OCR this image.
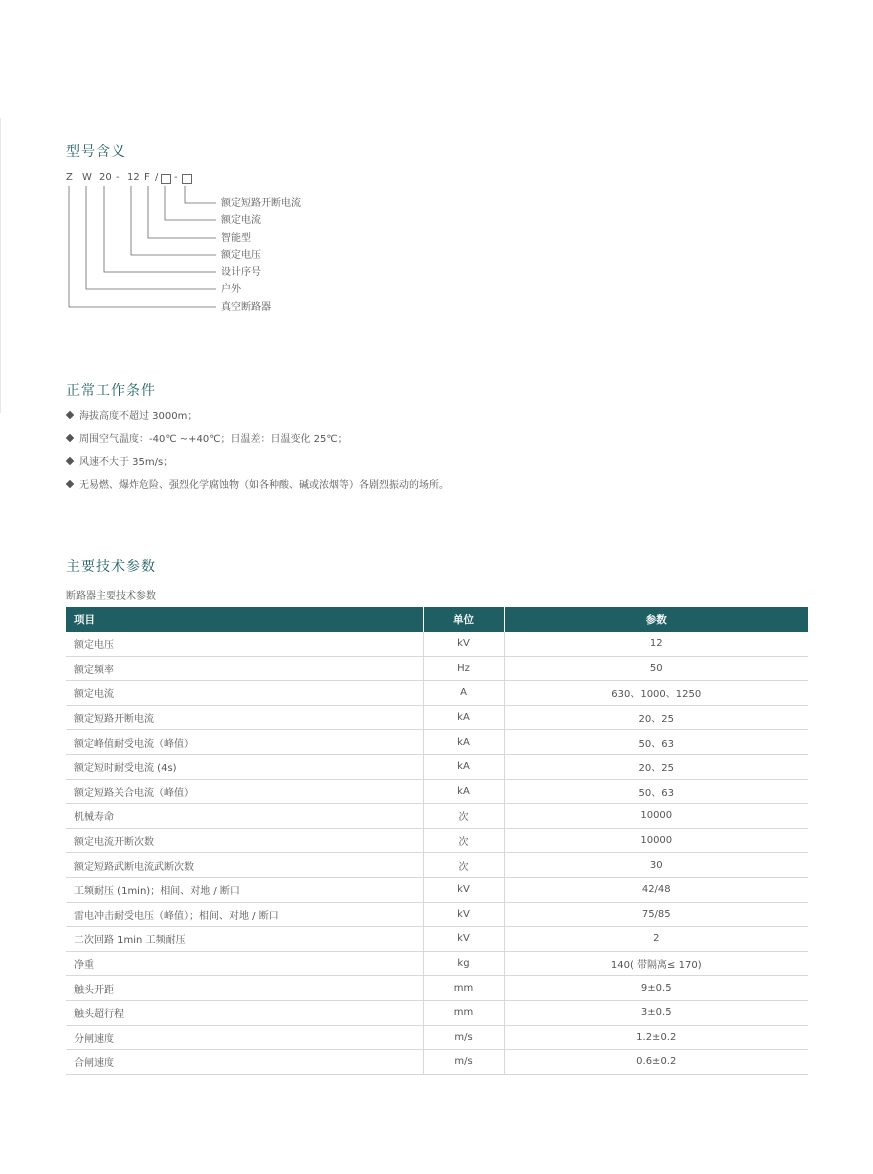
型号含义
Z W 20 - 12 F / -
额定短路开断电流
额定电流
智能型
额定电压
设计序号
户外
真空断路器
正常工作条件
海拔高度不超过 3000m；
周围空气温度：-40℃ ~+40℃；日温差：日温变化 25℃；
风速不大于 35m/s；
无易燃、爆炸危险、强烈化学腐蚀物（如各种酸、碱或浓烟等）各剧烈振动的场所。
主要技术参数
断路器主要技术参数
项目	单位	参数
额定电压	kV	12
额定频率	Hz	50
额定电流	A	630、1000、1250
额定短路开断电流	kA	20、25
额定峰值耐受电流（峰值）	kA	50、63
额定短时耐受电流 (4s)	kA	20、25
额定短路关合电流（峰值）	kA	50、63
机械寿命	次	10000
额定电流开断次数	次	10000
额定短路武断电流武断次数	次	30
工频耐压 (1min)；相间、对地 / 断口	kV	42/48
雷电冲击耐受电压（峰值）；相间、对地 / 断口	kV	75/85
二次回路 1min 工频耐压	kV	2
净重	kg	140( 带隔离≤ 170)
触头开距	mm	9±0.5
触头超行程	mm	3±0.5
分闸速度	m/s	1.2±0.2
合闸速度	m/s	0.6±0.2
